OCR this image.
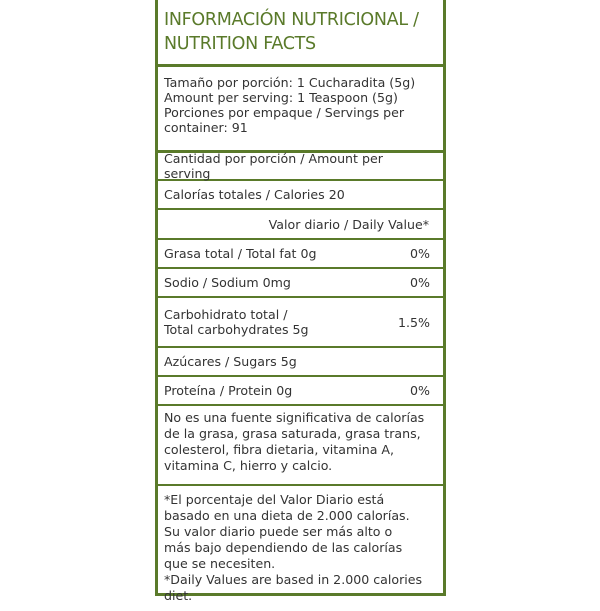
INFORMACIÓN NUTRICIONAL /
NUTRITION FACTS
Tamaño por porción: 1 Cucharadita (5g)
Amount per serving: 1 Teaspoon (5g)
Porciones por empaque / Servings per
container: 91
Cantidad por porción / Amount per serving
Calorías totales / Calories 20
Valor diario / Daily Value*
Grasa total / Total fat 0g	0%
Sodio / Sodium 0mg	0%
Carbohidrato total /
Total carbohydrates 5g	1.5%
Azúcares / Sugars 5g
Proteína / Protein 0g	0%
No es una fuente significativa de calorías
de la grasa, grasa saturada, grasa trans,
colesterol, fibra dietaria, vitamina A,
vitamina C, hierro y calcio.
*El porcentaje del Valor Diario está
basado en una dieta de 2.000 calorías.
Su valor diario puede ser más alto o
más bajo dependiendo de las calorías
que se necesiten.
*Daily Values are based in 2.000 calories
diet.
